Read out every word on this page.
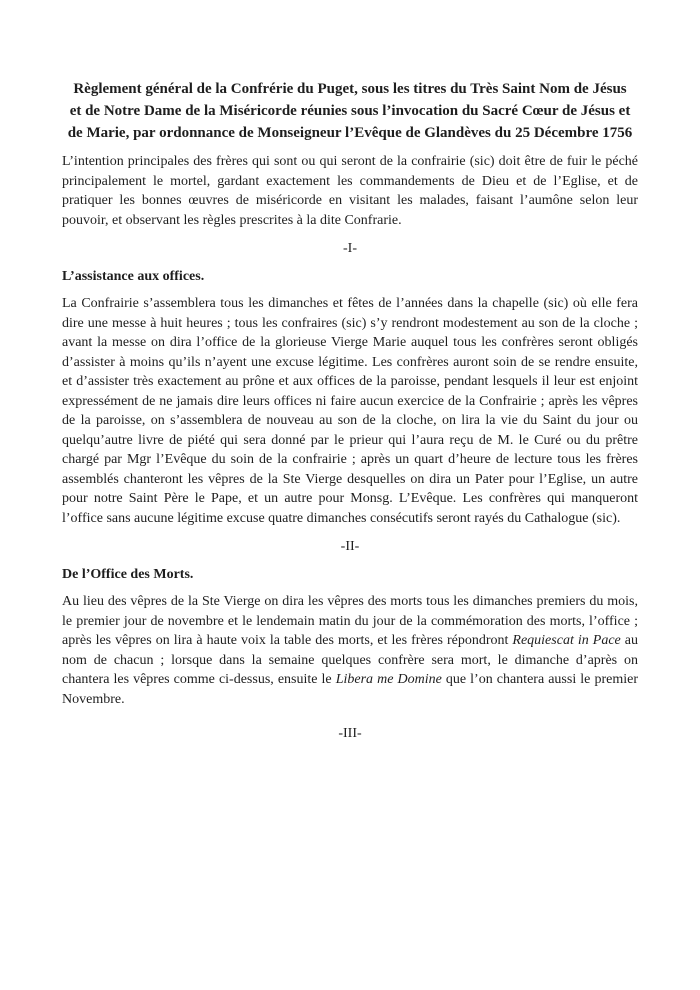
Règlement général de la Confrérie du Puget, sous les titres du Très Saint Nom de Jésus
et de Notre Dame de la Miséricorde réunies sous l’invocation du Sacré Cœur de Jésus et
de Marie, par ordonnance de Monseigneur l’Evêque de Glandèves du 25 Décembre 1756

L’intention principales des frères qui sont ou qui seront de la confrairie (sic) doit être de fuir le péché principalement le mortel, gardant exactement les commandements de Dieu et de l’Eglise, et de pratiquer les bonnes œuvres de miséricorde en visitant les malades, faisant l’aumône selon leur pouvoir, et observant les règles prescrites à la dite Confrarie.

-I-
L’assistance aux offices.

La Confrairie s’assemblera tous les dimanches et fêtes de l’années dans la chapelle (sic) où elle fera dire une messe à huit heures ; tous les confraires (sic) s’y rendront modestement au son de la cloche ; avant la messe on dira l’office de la glorieuse Vierge Marie auquel tous les confrères seront obligés d’assister à moins qu’ils n’ayent une excuse légitime. Les confrères auront soin de se rendre ensuite, et d’assister très exactement au prône et aux offices de la paroisse, pendant lesquels il leur est enjoint expressément de ne jamais dire leurs offices ni faire aucun exercice de la Confrairie ; après les vêpres de la paroisse, on s’assemblera de nouveau au son de la cloche, on lira la vie du Saint du jour ou quelqu’autre livre de piété qui sera donné par le prieur qui l’aura reçu de M. le Curé ou du prêtre chargé par Mgr l’Evêque du soin de la confrairie ; après un quart d’heure de lecture tous les frères assemblés chanteront les vêpres de la Ste Vierge desquelles on dira un Pater pour l’Eglise, un autre pour notre Saint Père le Pape, et un autre pour Monsg. L’Evêque. Les confrères qui manqueront l’office sans aucune légitime excuse quatre dimanches consécutifs seront rayés du Cathalogue (sic).

-II-
De l’Office des Morts.

Au lieu des vêpres de la Ste Vierge on dira les vêpres des morts tous les dimanches premiers du mois, le premier jour de novembre et le lendemain matin du jour de la commémoration des morts, l’office ; après les vêpres on lira à haute voix la table des morts, et les frères répondront Requiescat in Pace au nom de chacun ; lorsque dans la semaine quelques confrère sera mort, le dimanche d’après on chantera les vêpres comme ci-dessus, ensuite le Libera me Domine que l’on chantera aussi le premier Novembre.

-III-
